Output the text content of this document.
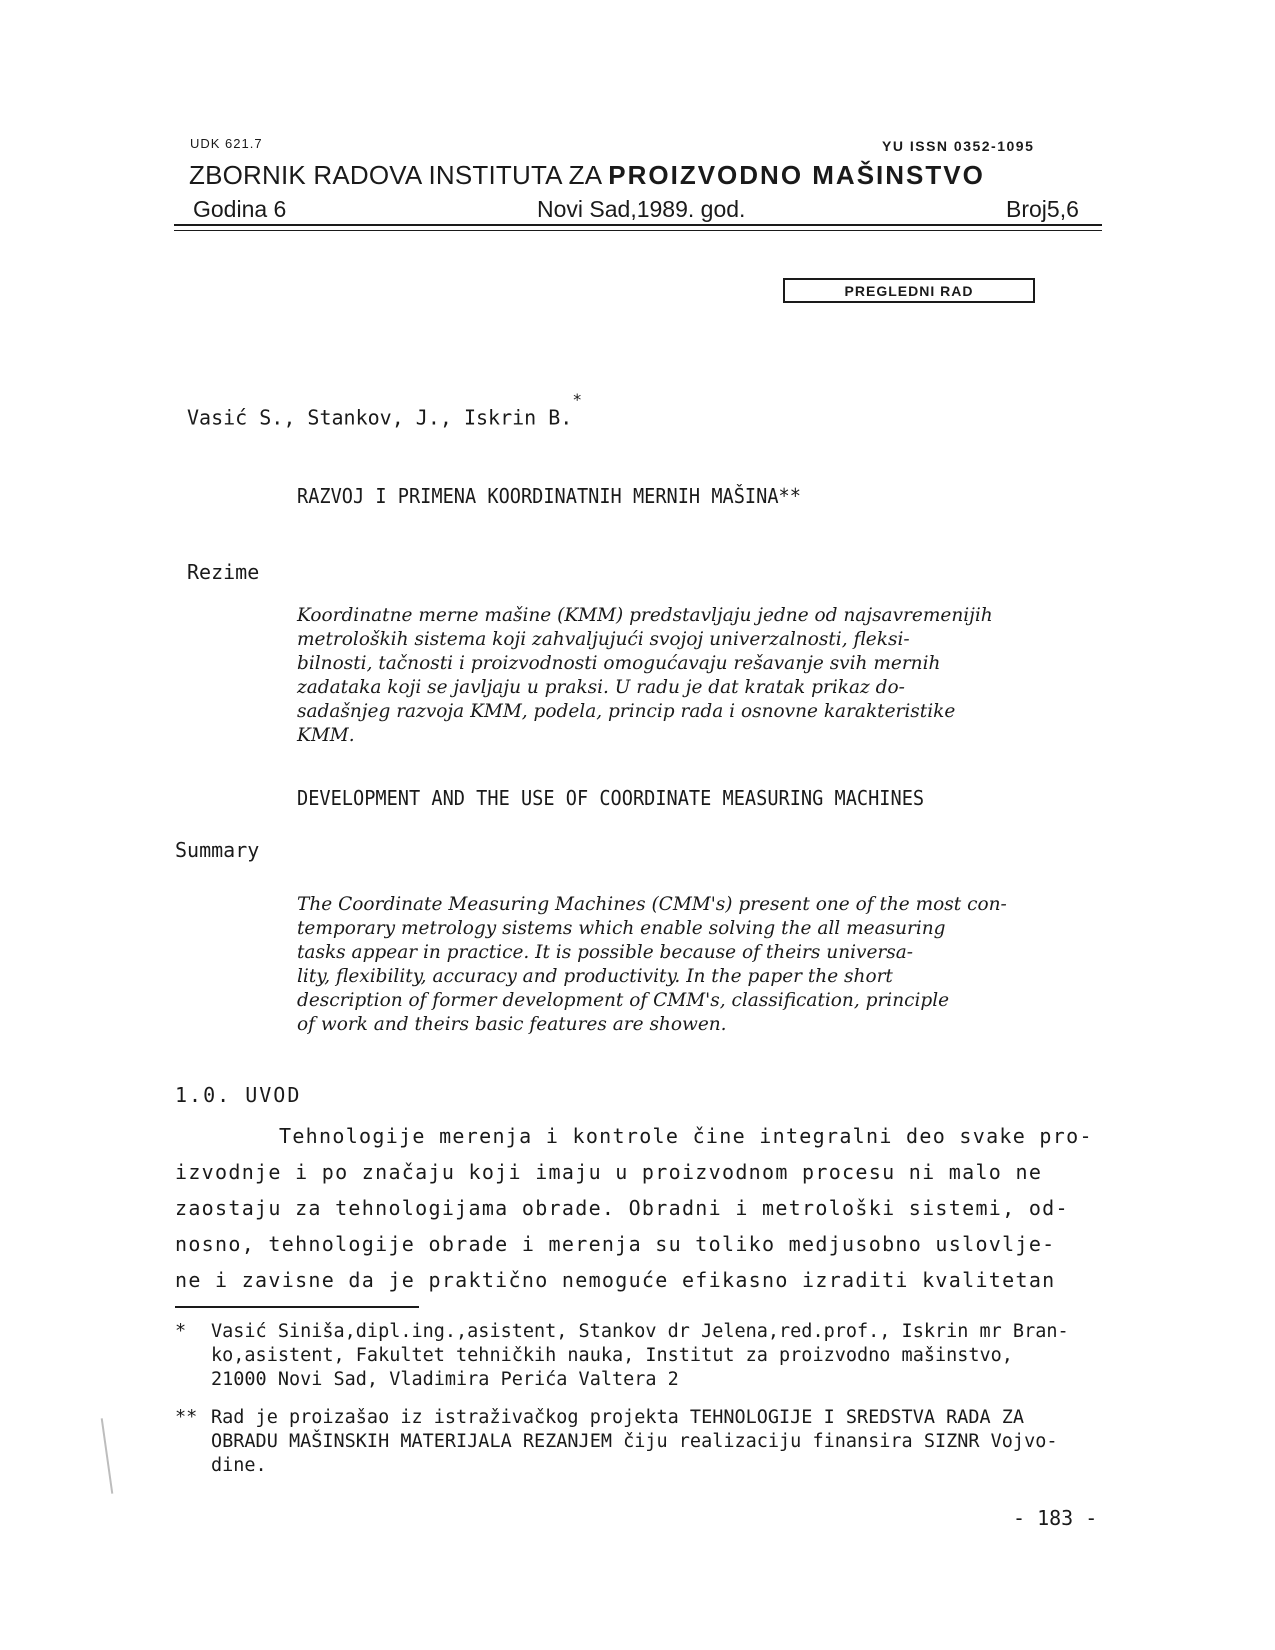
UDK 621.7	YU ISSN 0352-1095
ZBORNIK RADOVA INSTITUTA ZA PROIZVODNO MAŠINSTVO
Godina 6	Novi Sad,1989. god.	Broj5,6
PREGLEDNI RAD
Vasić S., Stankov, J., Iskrin B.*
RAZVOJ I PRIMENA KOORDINATNIH MERNIH MAŠINA**
Rezime
Koordinatne merne mašine (KMM) predstavljaju jedne od najsavremenijih
metroloških sistema koji zahvaljujući svojoj univerzalnosti, fleksi-
bilnosti, tačnosti i proizvodnosti omogućavaju rešavanje svih mernih
zadataka koji se javljaju u praksi. U radu je dat kratak prikaz do-
sadašnjeg razvoja KMM, podela, princip rada i osnovne karakteristike
KMM.
DEVELOPMENT AND THE USE OF COORDINATE MEASURING MACHINES
Summary
The Coordinate Measuring Machines (CMM's) present one of the most con-
temporary metrology sistems which enable solving the all measuring
tasks appear in practice. It is possible because of theirs universa-
lity, flexibility, accuracy and productivity. In the paper the short
description of former development of CMM's, classification, principle
of work and theirs basic features are showen.
1.0. UVOD
Tehnologije merenja i kontrole čine integralni deo svake pro-
izvodnje i po značaju koji imaju u proizvodnom procesu ni malo ne
zaostaju za tehnologijama obrade. Obradni i metrološki sistemi, od-
nosno, tehnologije obrade i merenja su toliko medjusobno uslovlje-
ne i zavisne da je praktično nemoguće efikasno izraditi kvalitetan
* Vasić Siniša,dipl.ing.,asistent, Stankov dr Jelena,red.prof., Iskrin mr Bran-
ko,asistent, Fakultet tehničkih nauka, Institut za proizvodno mašinstvo,
21000 Novi Sad, Vladimira Perića Valtera 2
** Rad je proizašao iz istraživačkog projekta TEHNOLOGIJE I SREDSTVA RADA ZA
OBRADU MAŠINSKIH MATERIJALA REZANJEM čiju realizaciju finansira SIZNR Vojvo-
dine.
- 183 -
